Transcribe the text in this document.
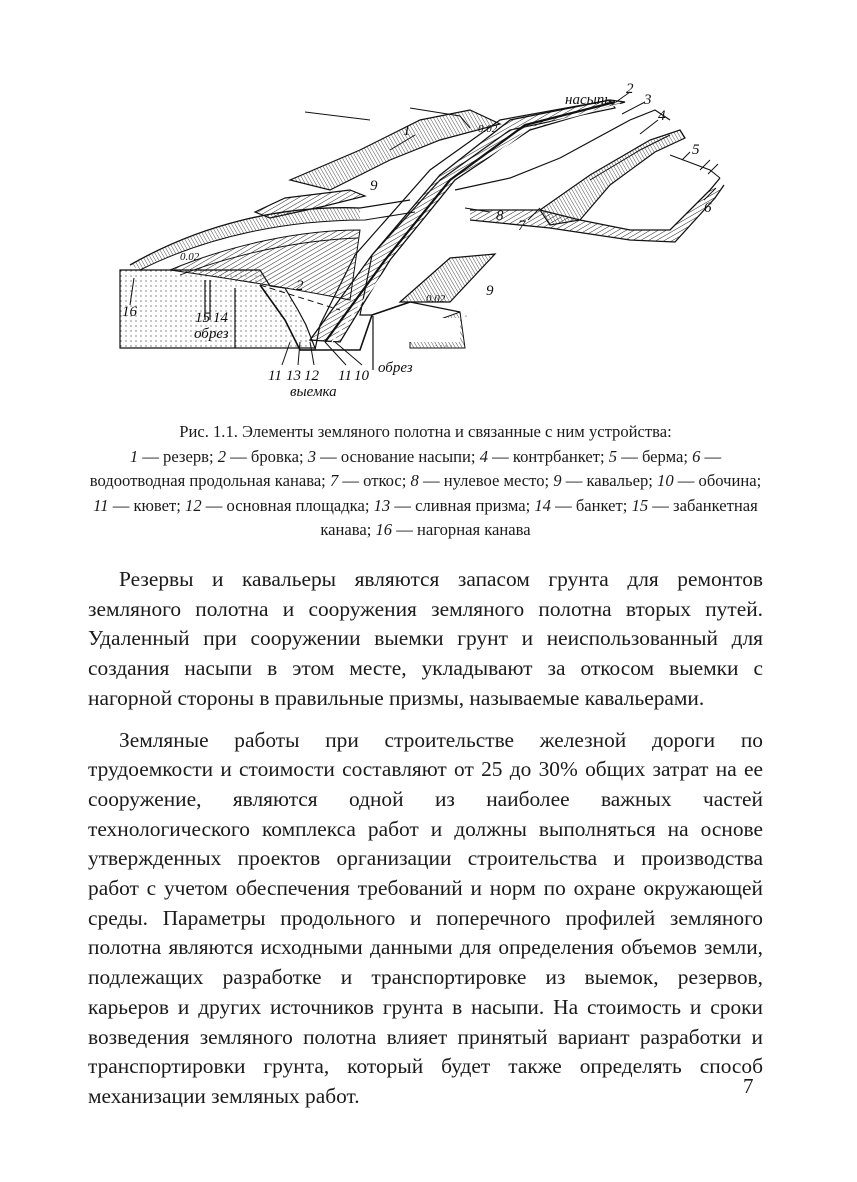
1
2
3
4
5
6
7
8
9
9
2
16	15 14
обрез
11 13 12 11 10 обрез
выемка
насыпь
0.02
0.02
0.02
Рис. 1.1. Элементы земляного полотна и связанные с ним устройства:
1 — резерв; 2 — бровка; 3 — основание насыпи; 4 — контрбанкет; 5 — берма; 6 — водоотводная продольная канава; 7 — откос; 8 — нулевое место; 9 — кавальер; 10 — обочина; 11 — кювет; 12 — основная площадка; 13 — сливная призма; 14 — банкет; 15 — забанкетная канава; 16 — нагорная канава

Резервы и кавальеры являются запасом грунта для ремонтов земляного полотна и сооружения земляного полотна вторых путей. Удаленный при сооружении выемки грунт и неиспользованный для создания насыпи в этом месте, укладывают за откосом выемки с нагорной стороны в правильные призмы, называемые кавальерами.

Земляные работы при строительстве железной дороги по трудоемкости и стоимости составляют от 25 до 30% общих затрат на ее сооружение, являются одной из наиболее важных частей технологического комплекса работ и должны выполняться на основе утвержденных проектов организации строительства и производства работ с учетом обеспечения требований и норм по охране окружающей среды. Параметры продольного и поперечного профилей земляного полотна являются исходными данными для определения объемов земли, подлежащих разработке и транспортировке из выемок, резервов, карьеров и других источников грунта в насыпи. На стоимость и сроки возведения земляного полотна влияет принятый вариант разработки и транспортировки грунта, который будет также определять способ механизации земляных работ.	7
